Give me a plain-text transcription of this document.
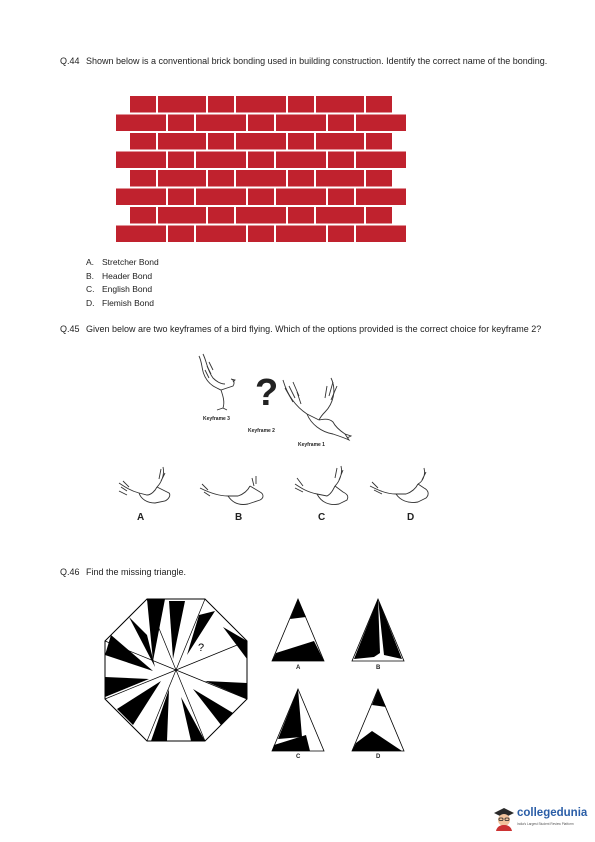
Q.44 Shown below is a conventional brick bonding used in building construction. Identify the correct name of the bonding.
A. Stretcher Bond
B. Header Bond
C. English Bond
D. Flemish Bond
Q.45 Given below are two keyframes of a bird flying. Which of the options provided is the correct choice for keyframe 2?
Keyframe 3
?
Keyframe 2
Keyframe 1
A	B	C	D
Q.46 Find the missing triangle.
?
A	B
C	D
collegedunia
India's Largest Student Review Platform
